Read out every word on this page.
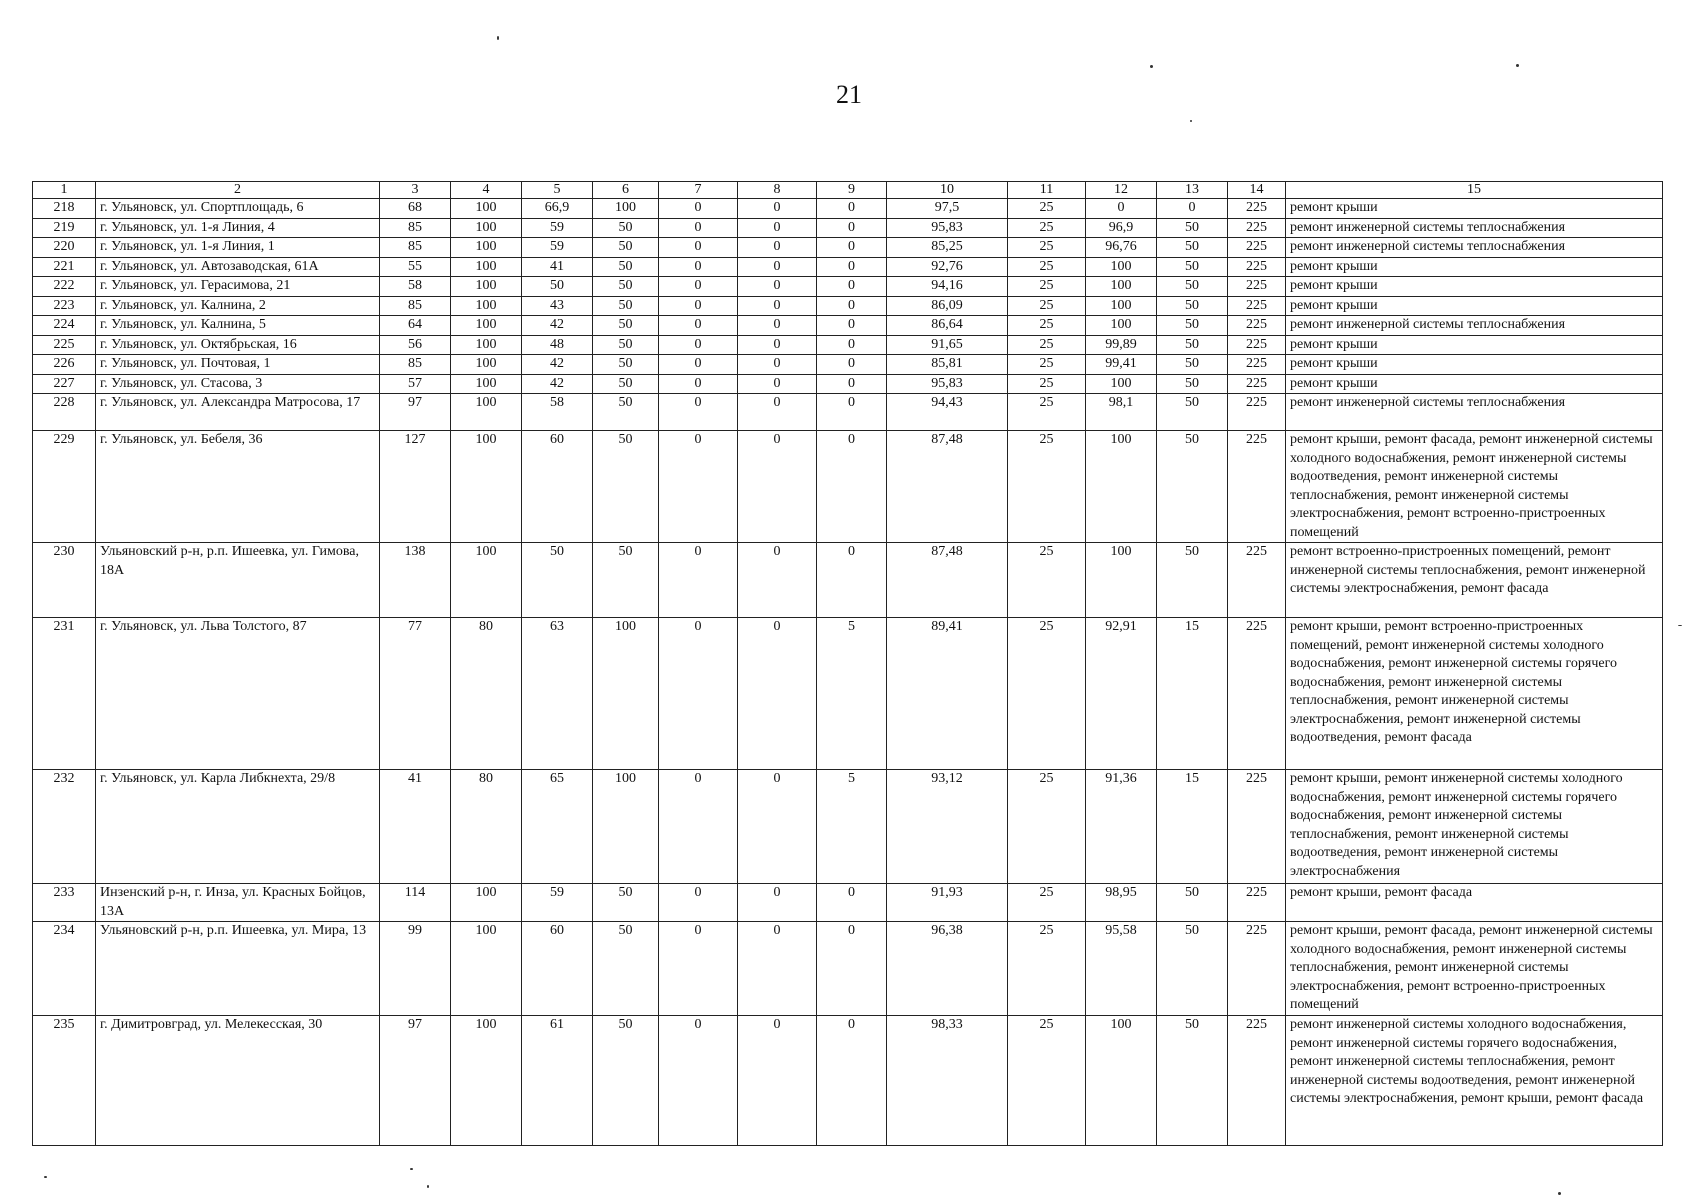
21
1	2	3	4	5	6	7	8	9	10	11	12	13	14	15
218	г. Ульяновск, ул. Спортплощадь, 6	68	100	66,9	100	0	0	0	97,5	25	0	0	225	ремонт крыши
219	г. Ульяновск, ул. 1-я Линия, 4	85	100	59	50	0	0	0	95,83	25	96,9	50	225	ремонт инженерной системы теплоснабжения
220	г. Ульяновск, ул. 1-я Линия, 1	85	100	59	50	0	0	0	85,25	25	96,76	50	225	ремонт инженерной системы теплоснабжения
221	г. Ульяновск, ул. Автозаводская, 61А	55	100	41	50	0	0	0	92,76	25	100	50	225	ремонт крыши
222	г. Ульяновск, ул. Герасимова, 21	58	100	50	50	0	0	0	94,16	25	100	50	225	ремонт крыши
223	г. Ульяновск, ул. Калнина, 2	85	100	43	50	0	0	0	86,09	25	100	50	225	ремонт крыши
224	г. Ульяновск, ул. Калнина, 5	64	100	42	50	0	0	0	86,64	25	100	50	225	ремонт инженерной системы теплоснабжения
225	г. Ульяновск, ул. Октябрьская, 16	56	100	48	50	0	0	0	91,65	25	99,89	50	225	ремонт крыши
226	г. Ульяновск, ул. Почтовая, 1	85	100	42	50	0	0	0	85,81	25	99,41	50	225	ремонт крыши
227	г. Ульяновск, ул. Стасова, 3	57	100	42	50	0	0	0	95,83	25	100	50	225	ремонт крыши
228	г. Ульяновск, ул. Александра Матросова, 17	97	100	58	50	0	0	0	94,43	25	98,1	50	225	ремонт инженерной системы теплоснабжения
229	г. Ульяновск, ул. Бебеля, 36	127	100	60	50	0	0	0	87,48	25	100	50	225	ремонт крыши, ремонт фасада, ремонт инженерной системы холодного водоснабжения, ремонт инженерной системы водоотведения, ремонт инженерной системы теплоснабжения, ремонт инженерной системы электроснабжения, ремонт встроенно-пристроенных помещений
230	Ульяновский р-н, р.п. Ишеевка, ул. Гимова, 18А	138	100	50	50	0	0	0	87,48	25	100	50	225	ремонт встроенно-пристроенных помещений, ремонт инженерной системы теплоснабжения, ремонт инженерной системы электроснабжения, ремонт фасада
231	г. Ульяновск, ул. Льва Толстого, 87	77	80	63	100	0	0	5	89,41	25	92,91	15	225	ремонт крыши, ремонт встроенно-пристроенных помещений, ремонт инженерной системы холодного водоснабжения, ремонт инженерной системы горячего водоснабжения, ремонт инженерной системы теплоснабжения, ремонт инженерной системы электроснабжения, ремонт инженерной системы водоотведения, ремонт фасада
232	г. Ульяновск, ул. Карла Либкнехта, 29/8	41	80	65	100	0	0	5	93,12	25	91,36	15	225	ремонт крыши, ремонт инженерной системы холодного водоснабжения, ремонт инженерной системы горячего водоснабжения, ремонт инженерной системы теплоснабжения, ремонт инженерной системы водоотведения, ремонт инженерной системы электроснабжения
233	Инзенский р-н, г. Инза, ул. Красных Бойцов, 13А	114	100	59	50	0	0	0	91,93	25	98,95	50	225	ремонт крыши, ремонт фасада
234	Ульяновский р-н, р.п. Ишеевка, ул. Мира, 13	99	100	60	50	0	0	0	96,38	25	95,58	50	225	ремонт крыши, ремонт фасада, ремонт инженерной системы холодного водоснабжения, ремонт инженерной системы теплоснабжения, ремонт инженерной системы электроснабжения, ремонт встроенно-пристроенных помещений
235	г. Димитровград, ул. Мелекесская, 30	97	100	61	50	0	0	0	98,33	25	100	50	225	ремонт инженерной системы холодного водоснабжения, ремонт инженерной системы горячего водоснабжения, ремонт инженерной системы теплоснабжения, ремонт инженерной системы водоотведения, ремонт инженерной системы электроснабжения, ремонт крыши, ремонт фасада
